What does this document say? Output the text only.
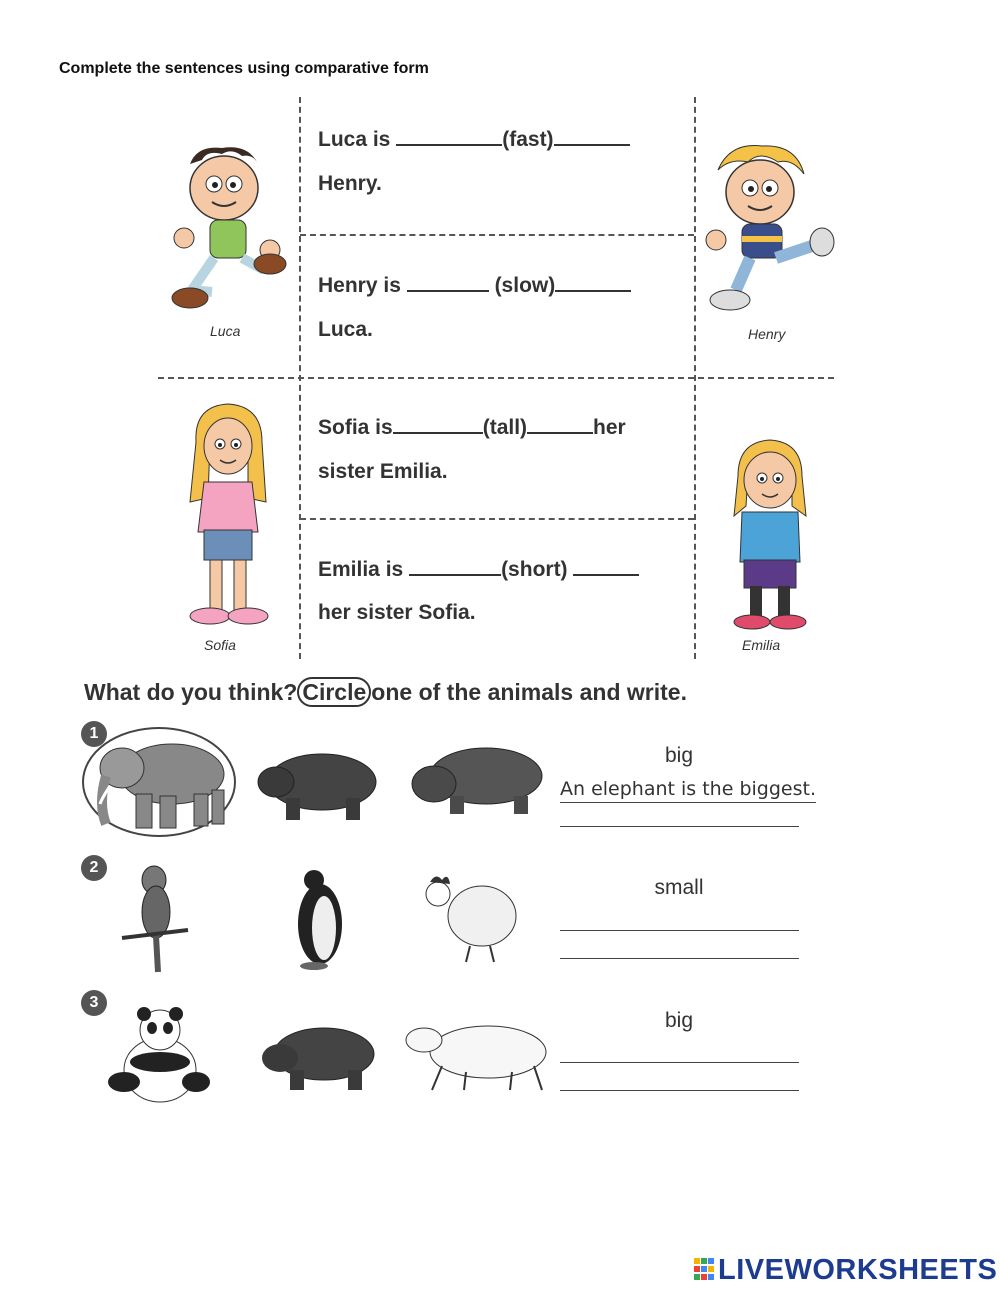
Complete the sentences using comparative form
Luca is	(fast)
Henry.
Henry is	(slow)
Luca.
Sofia is	(tall)	her
sister Emilia.
Emilia is	(short)
her sister Sofia.
Luca	Henry
Sofia	Emilia
What do you think? Circle one of the animals and write.
1
big
An elephant is the biggest.
2
small
3
big
LIVEWORKSHEETS
